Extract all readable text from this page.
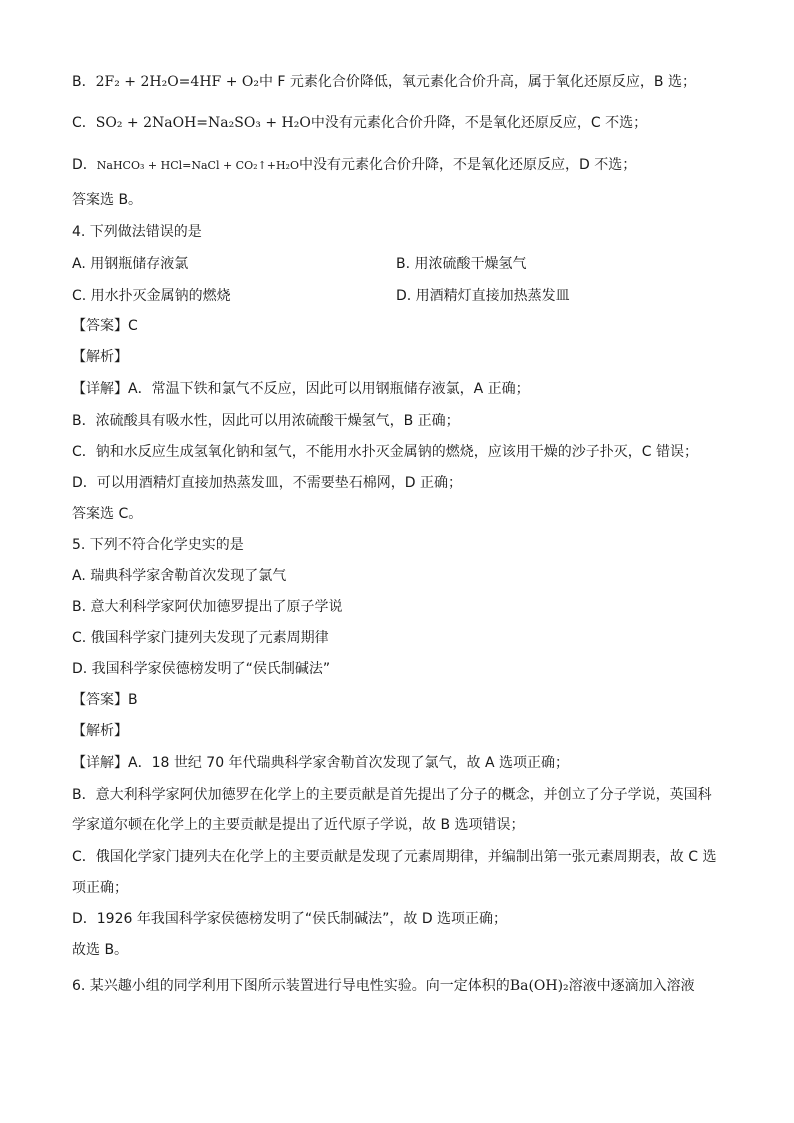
B．2F₂ + 2H₂O=4HF + O₂中 F 元素化合价降低，氧元素化合价升高，属于氧化还原反应，B 选；
C．SO₂ + 2NaOH=Na₂SO₃ + H₂O中没有元素化合价升降，不是氧化还原反应，C 不选；
D．NaHCO₃ + HCl=NaCl + CO₂↑+H₂O中没有元素化合价升降，不是氧化还原反应，D 不选；
答案选 B。
4. 下列做法错误的是
A. 用钢瓶储存液氯	B. 用浓硫酸干燥氢气
C. 用水扑灭金属钠的燃烧	D. 用酒精灯直接加热蒸发皿
【答案】C
【解析】
【详解】A．常温下铁和氯气不反应，因此可以用钢瓶储存液氯，A 正确；
B．浓硫酸具有吸水性，因此可以用浓硫酸干燥氢气，B 正确；
C．钠和水反应生成氢氧化钠和氢气，不能用水扑灭金属钠的燃烧，应该用干燥的沙子扑灭，C 错误；
D．可以用酒精灯直接加热蒸发皿，不需要垫石棉网，D 正确；
答案选 C。
5. 下列不符合化学史实的是
A. 瑞典科学家舍勒首次发现了氯气
B. 意大利科学家阿伏加德罗提出了原子学说
C. 俄国科学家门捷列夫发现了元素周期律
D. 我国科学家侯德榜发明了“侯氏制碱法”
【答案】B
【解析】
【详解】A．18 世纪 70 年代瑞典科学家舍勒首次发现了氯气，故 A 选项正确；
B．意大利科学家阿伏加德罗在化学上的主要贡献是首先提出了分子的概念，并创立了分子学说，英国科
学家道尔顿在化学上的主要贡献是提出了近代原子学说，故 B 选项错误；
C．俄国化学家门捷列夫在化学上的主要贡献是发现了元素周期律，并编制出第一张元素周期表，故 C 选
项正确；
D．1926 年我国科学家侯德榜发明了“侯氏制碱法”，故 D 选项正确；
故选 B。
6. 某兴趣小组的同学利用下图所示装置进行导电性实验。向一定体积的Ba(OH)₂溶液中逐滴加入溶液
